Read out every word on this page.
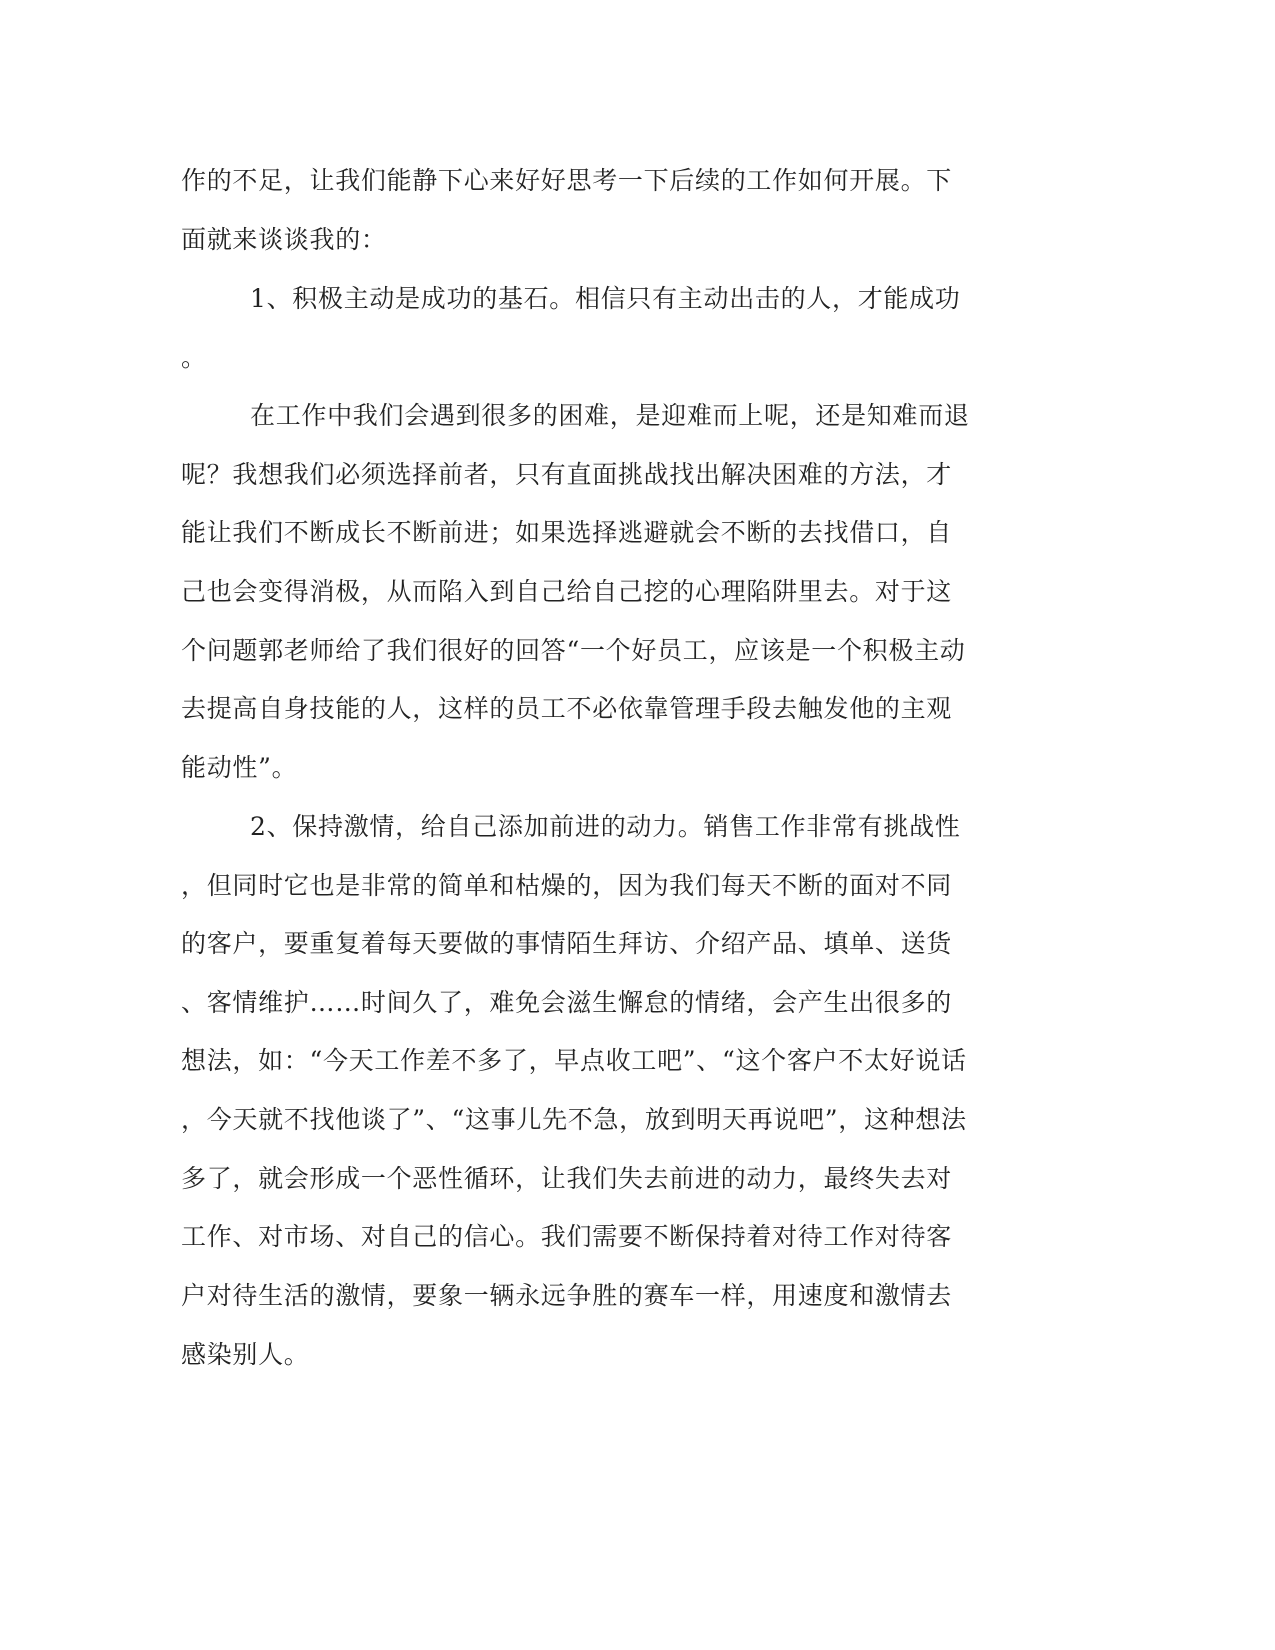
作的不足，让我们能静下心来好好思考一下后续的工作如何开展。下
面就来谈谈我的：
1、积极主动是成功的基石。相信只有主动出击的人，才能成功
。
在工作中我们会遇到很多的困难，是迎难而上呢，还是知难而退
呢？我想我们必须选择前者，只有直面挑战找出解决困难的方法，才
能让我们不断成长不断前进；如果选择逃避就会不断的去找借口，自
己也会变得消极，从而陷入到自己给自己挖的心理陷阱里去。对于这
个问题郭老师给了我们很好的回答“一个好员工，应该是一个积极主动
去提高自身技能的人，这样的员工不必依靠管理手段去触发他的主观
能动性”。
2、保持激情，给自己添加前进的动力。销售工作非常有挑战性
，但同时它也是非常的简单和枯燥的，因为我们每天不断的面对不同
的客户，要重复着每天要做的事情陌生拜访、介绍产品、填单、送货
、客情维护……时间久了，难免会滋生懈怠的情绪，会产生出很多的
想法，如：“今天工作差不多了，早点收工吧”、“这个客户不太好说话
，今天就不找他谈了”、“这事儿先不急，放到明天再说吧”，这种想法
多了，就会形成一个恶性循环，让我们失去前进的动力，最终失去对
工作、对市场、对自己的信心。我们需要不断保持着对待工作对待客
户对待生活的激情，要象一辆永远争胜的赛车一样，用速度和激情去
感染别人。
